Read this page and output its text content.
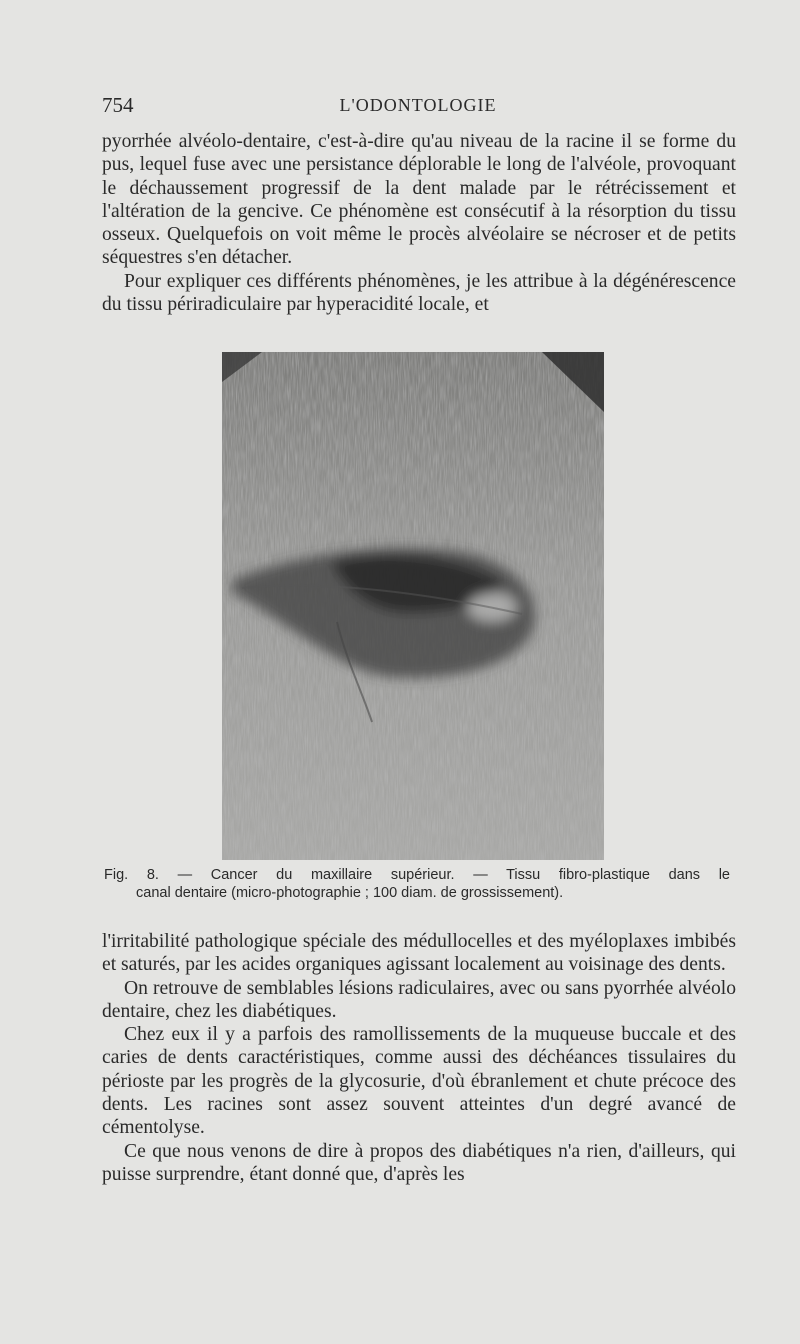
754	L'ODONTOLOGIE

pyorrhée alvéolo-dentaire, c'est-à-dire qu'au niveau de la racine il se forme du pus, lequel fuse avec une persistance déplorable le long de l'alvéole, provoquant le déchaussement progressif de la dent malade par le rétrécissement et l'altération de la gencive. Ce phénomène est consécutif à la résorption du tissu osseux. Quelquefois on voit même le procès alvéolaire se nécroser et de petits séquestres s'en détacher.

Pour expliquer ces différents phénomènes, je les attribue à la dégénérescence du tissu périradiculaire par hyperacidité locale, et

Fig. 8. — Cancer du maxillaire supérieur. — Tissu fibro-plastique dans le
canal dentaire (micro-photographie ; 100 diam. de grossissement).

l'irritabilité pathologique spéciale des médullocelles et des myéloplaxes imbibés et saturés, par les acides organiques agissant localement au voisinage des dents.

On retrouve de semblables lésions radiculaires, avec ou sans pyorrhée alvéolo dentaire, chez les diabétiques.

Chez eux il y a parfois des ramollissements de la muqueuse buccale et des caries de dents caractéristiques, comme aussi des déchéances tissulaires du périoste par les progrès de la glycosurie, d'où ébranlement et chute précoce des dents. Les racines sont assez souvent atteintes d'un degré avancé de cémentolyse.

Ce que nous venons de dire à propos des diabétiques n'a rien, d'ailleurs, qui puisse surprendre, étant donné que, d'après les
